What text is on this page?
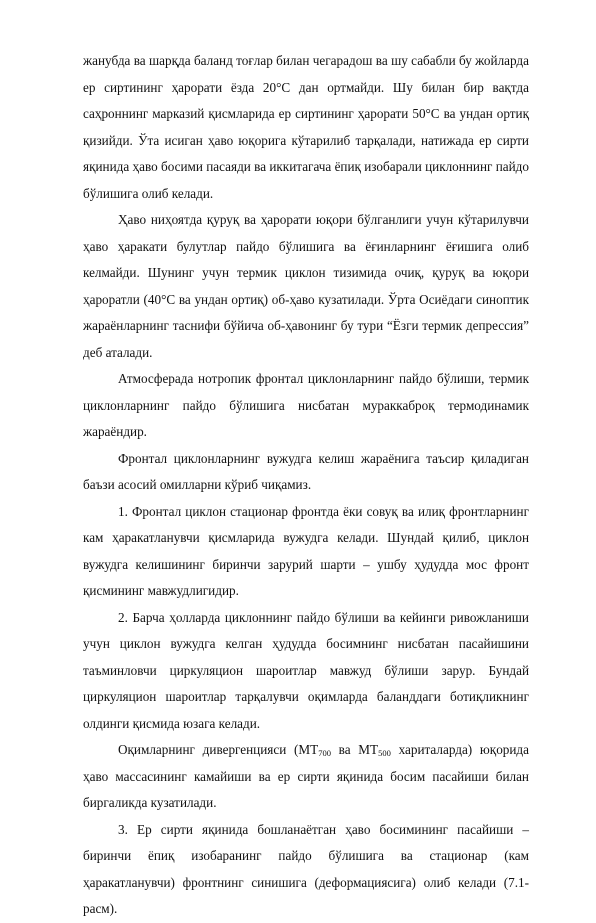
жанубда ва шарқда баланд тоғлар билан чегарадош ва шу сабабли бу жойларда ер сиртининг ҳарорати ёзда 20°С дан ортмайди. Шу билан бир вақтда саҳроннинг марказий қисмларида ер сиртининг ҳарорати 50°С ва ундан ортиқ қизийди. Ўта исиган ҳаво юқорига кўтарилиб тарқалади, натижада ер сирти яқинида ҳаво босими пасаяди ва иккитагача ёпиқ изобарали циклоннинг пайдо бўлишига олиб келади.

Ҳаво ниҳоятда қуруқ ва ҳарорати юқори бўлганлиги учун кўтарилувчи ҳаво ҳаракати булутлар пайдо бўлишига ва ёғинларнинг ёғишига олиб келмайди. Шунинг учун термик циклон тизимида очиқ, қуруқ ва юқори ҳароратли (40°С ва ундан ортиқ) об-ҳаво кузатилади. Ўрта Осиёдаги синоптик жараёнларнинг таснифи бўйича об-ҳавонинг бу тури “Ёзги термик депрессия” деб аталади.

Атмосферада нотропик фронтал циклонларнинг пайдо бўлиши, термик циклонларнинг пайдо бўлишига нисбатан мураккаброқ термодинамик жараёндир.

Фронтал циклонларнинг вужудга келиш жараёнига таъсир қиладиган баъзи асосий омилларни кўриб чиқамиз.

1. Фронтал циклон стационар фронтда ёки совуқ ва илиқ фронтларнинг кам ҳаракатланувчи қисмларида вужудга келади. Шундай қилиб, циклон вужудга келишининг биринчи зарурий шарти – ушбу ҳудудда мос фронт қисмининг мавжудлигидир.

2. Барча ҳолларда циклоннинг пайдо бўлиши ва кейинги ривожланиши учун циклон вужудга келган ҳудудда босимнинг нисбатан пасайишини таъминловчи циркуляцион шароитлар мавжуд бўлиши зарур. Бундай циркуляцион шароитлар тарқалувчи оқимларда баланддаги ботиқликнинг олдинги қисмида юзага келади.

Оқимларнинг дивергенцияси ($МТ_{700}$ ва $МТ_{500}$ хариталарда) юқорида ҳаво массасининг камайиши ва ер сирти яқинида босим пасайиши билан биргаликда кузатилади.

3. Ер сирти яқинида бошланаётган ҳаво босимининг пасайиши – биринчи ёпиқ изобаранинг пайдо бўлишига ва стационар (кам ҳаракатланувчи) фронтнинг синишига (деформациясига) олиб келади (7.1-расм).
